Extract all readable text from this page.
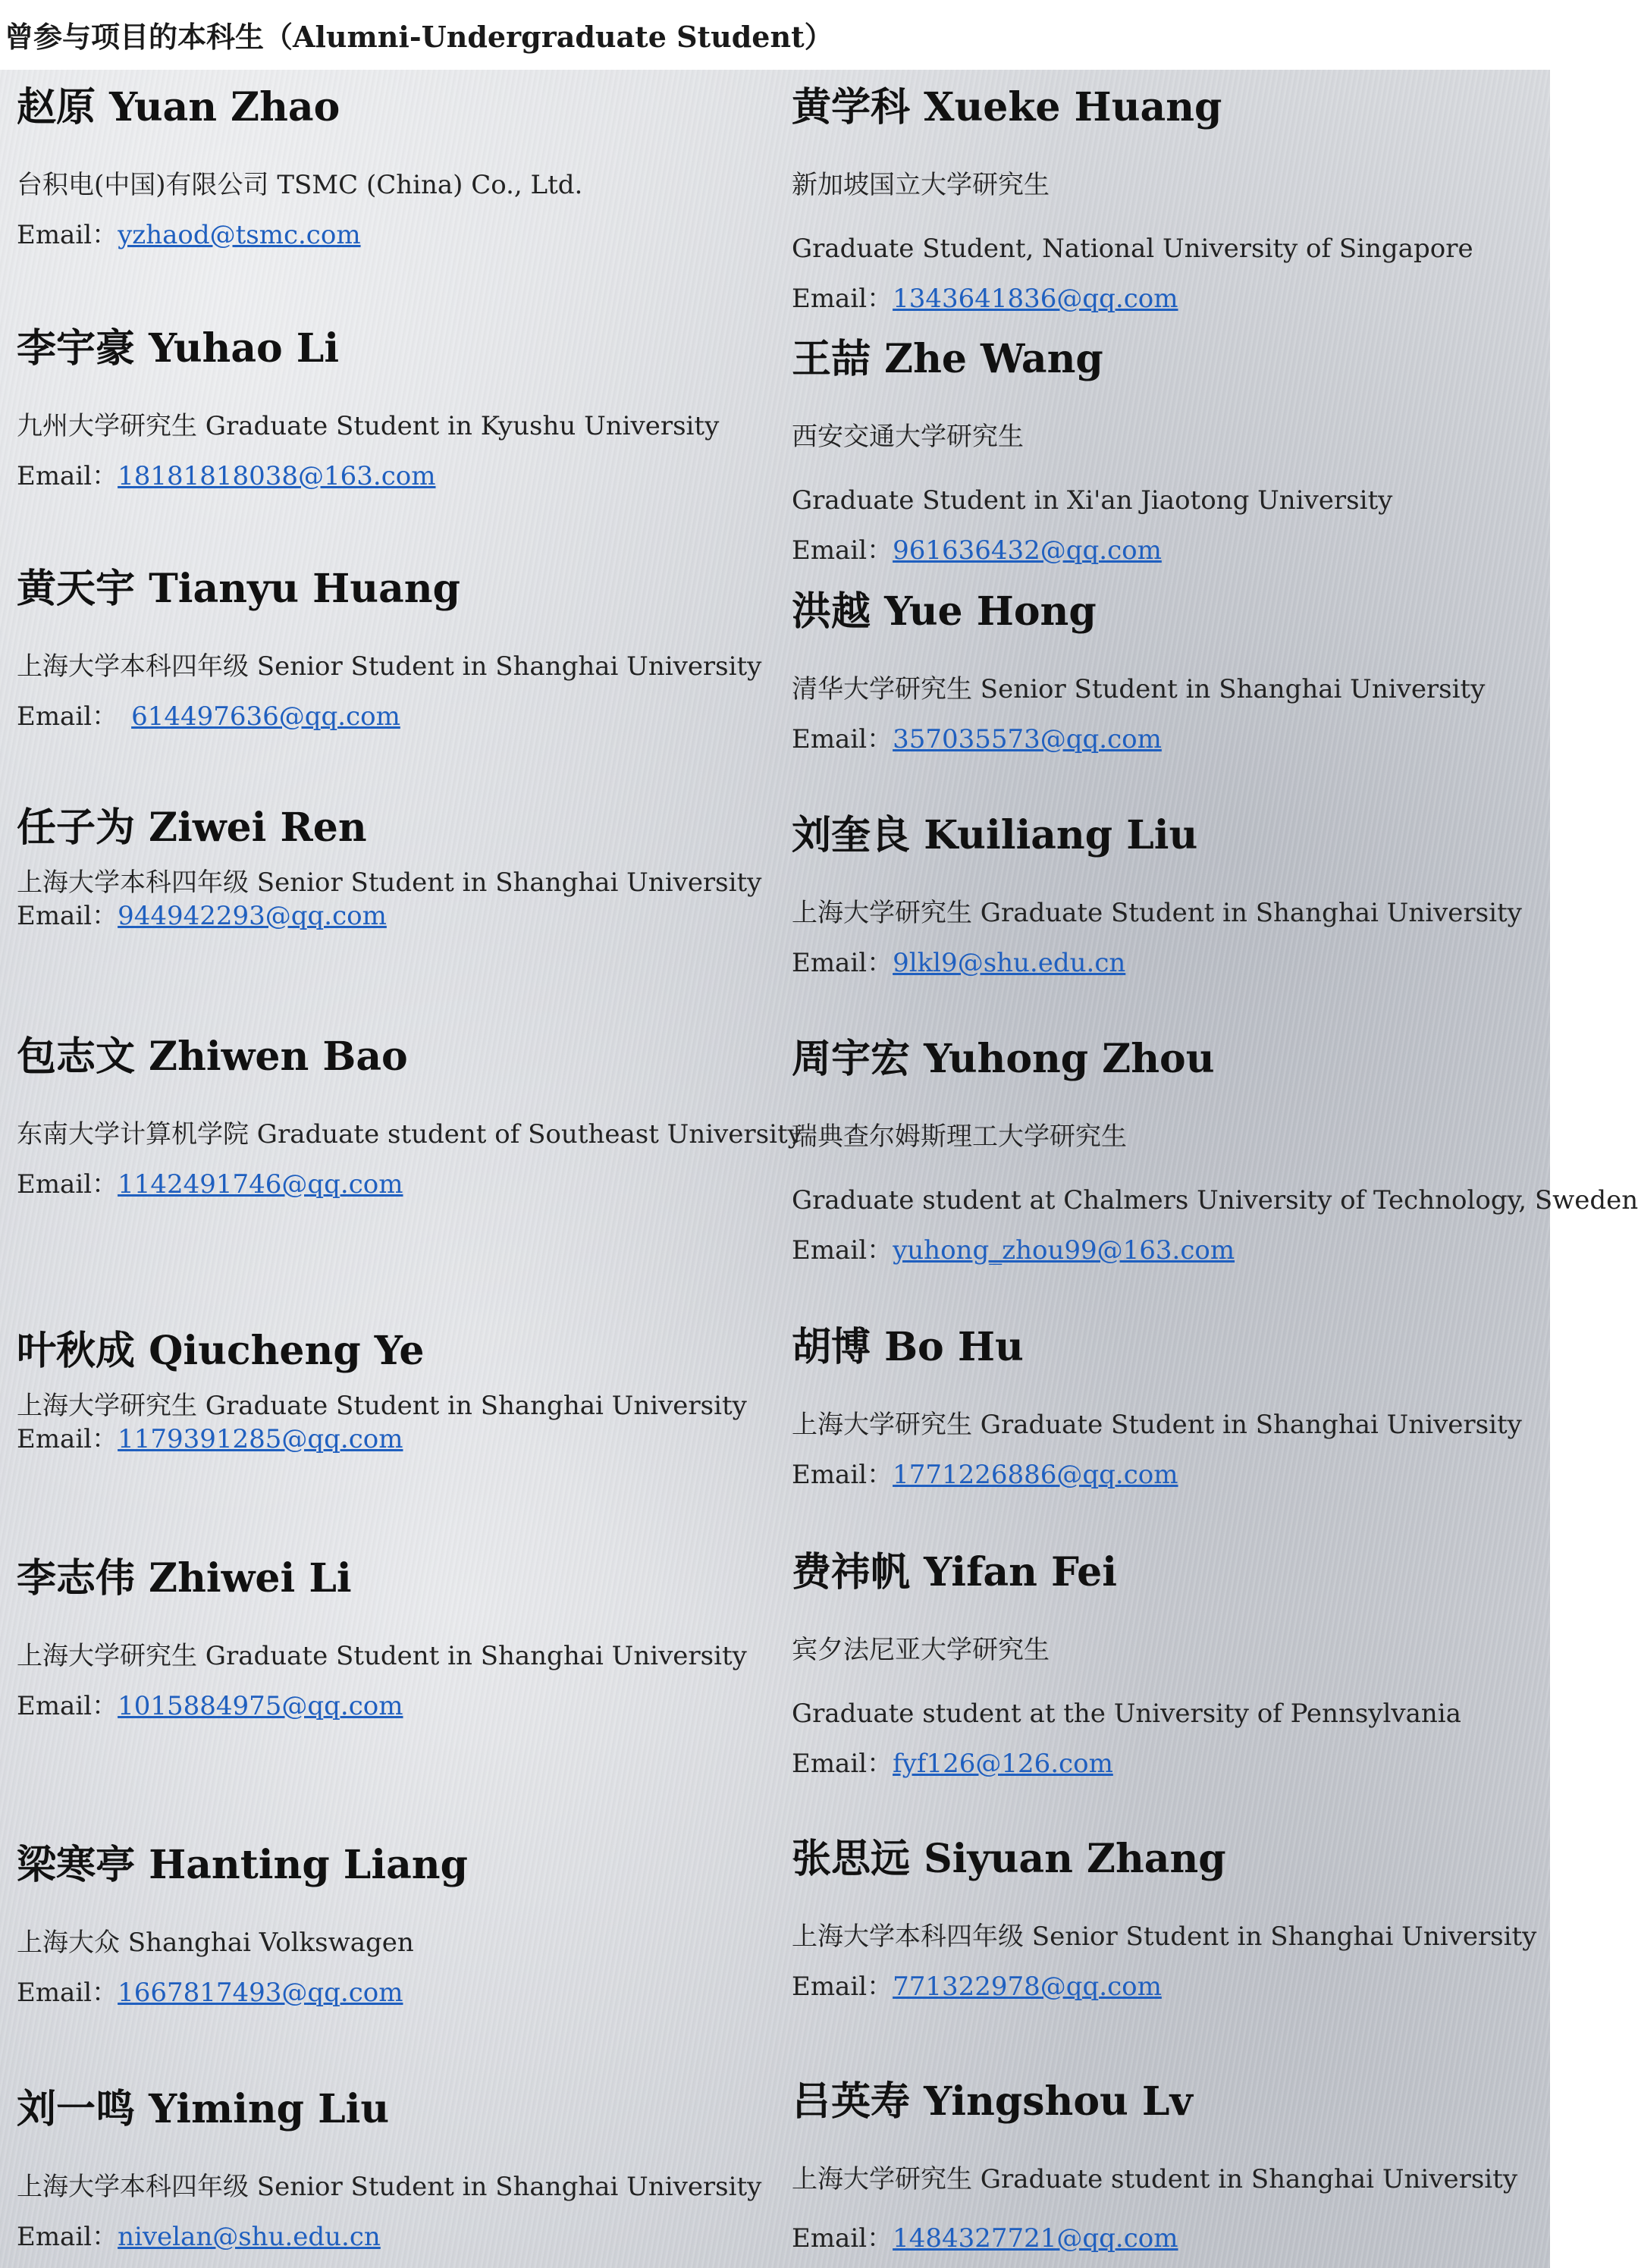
曾参与项目的本科生（Alumni-Undergraduate Student）
赵原 Yuan Zhao
台积电(中国)有限公司 TSMC (China) Co., Ltd.
Email：yzhaod@tsmc.com
李宇豪 Yuhao Li
九州大学研究生 Graduate Student in Kyushu University
Email：18181818038@163.com
黄天宇 Tianyu Huang
上海大学本科四年级 Senior Student in Shanghai University
Email： 614497636@qq.com
任子为 Ziwei Ren
上海大学本科四年级 Senior Student in Shanghai University
Email：944942293@qq.com
包志文 Zhiwen Bao
东南大学计算机学院 Graduate student of Southeast University
Email：1142491746@qq.com
叶秋成 Qiucheng Ye
上海大学研究生 Graduate Student in Shanghai University
Email：1179391285@qq.com
李志伟 Zhiwei Li
上海大学研究生 Graduate Student in Shanghai University
Email：1015884975@qq.com
梁寒亭 Hanting Liang
上海大众 Shanghai Volkswagen
Email：1667817493@qq.com
刘一鸣 Yiming Liu
上海大学本科四年级 Senior Student in Shanghai University
Email：nivelan@shu.edu.cn
黄学科 Xueke Huang
新加坡国立大学研究生
Graduate Student, National University of Singapore
Email：1343641836@qq.com
王喆 Zhe Wang
西安交通大学研究生
Graduate Student in Xi'an Jiaotong University
Email：961636432@qq.com
洪越 Yue Hong
清华大学研究生 Senior Student in Shanghai University
Email：357035573@qq.com
刘奎良 Kuiliang Liu
上海大学研究生 Graduate Student in Shanghai University
Email：9lkl9@shu.edu.cn
周宇宏 Yuhong Zhou
瑞典查尔姆斯理工大学研究生
Graduate student at Chalmers University of Technology, Sweden
Email：yuhong_zhou99@163.com
胡博 Bo Hu
上海大学研究生 Graduate Student in Shanghai University
Email：1771226886@qq.com
费祎帆 Yifan Fei
宾夕法尼亚大学研究生
Graduate student at the University of Pennsylvania
Email：fyf126@126.com
张思远 Siyuan Zhang
上海大学本科四年级 Senior Student in Shanghai University
Email：771322978@qq.com
吕英寿 Yingshou Lv
上海大学研究生 Graduate student in Shanghai University
Email：1484327721@qq.com
